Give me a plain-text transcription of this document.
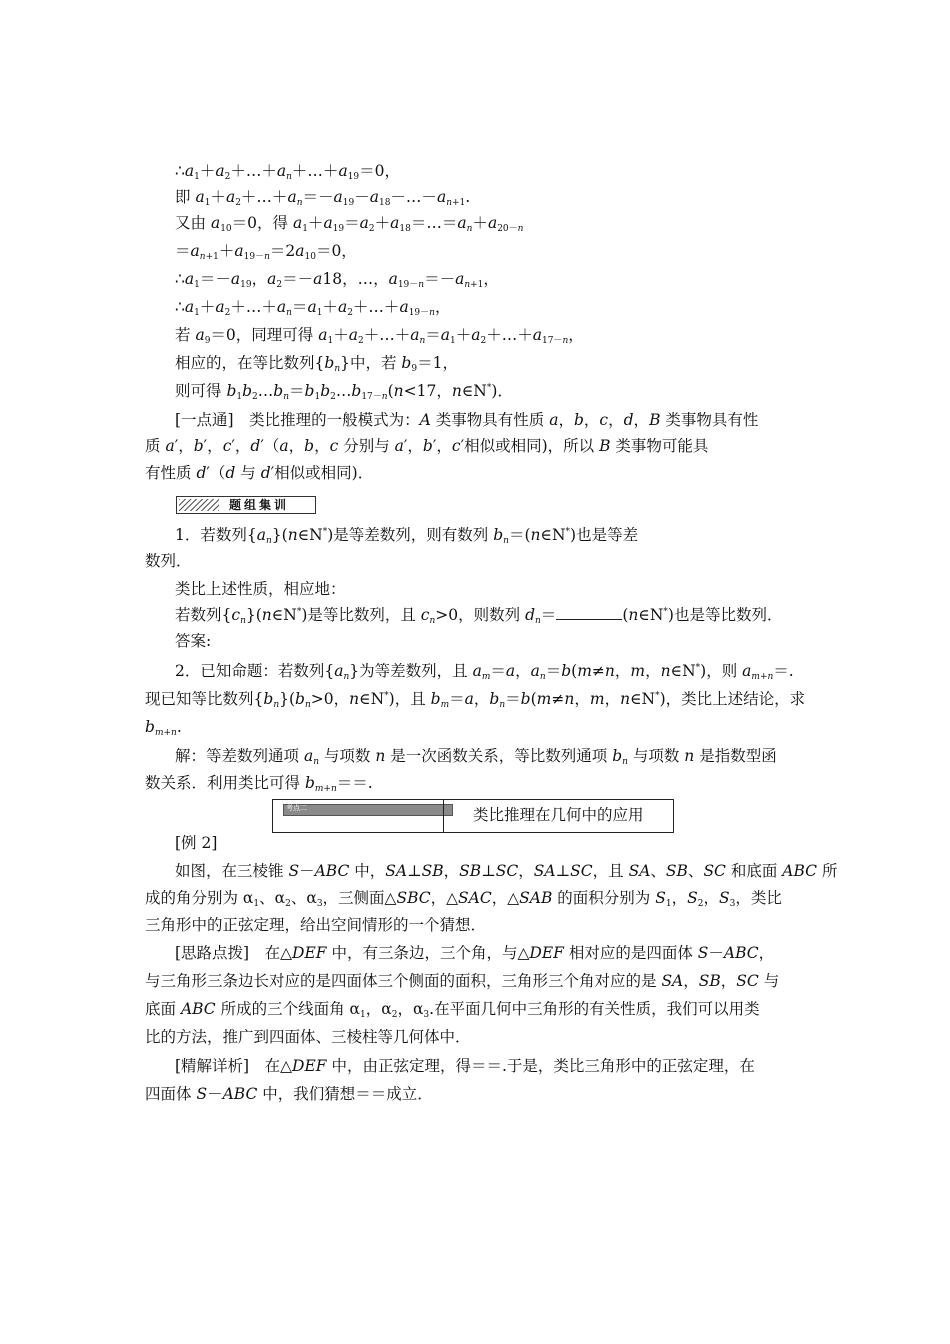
$\therefore a_1+a_2+\dots+a_n+\dots+a_{19}=0$，
即 $a_1+a_2+\dots+a_n=-a_{19}-a_{18}-\dots-a_{n+1}$.
又由 $a_{10}=0$，得 $a_1+a_{19}=a_2+a_{18}=\dots=a_n+a_{20-n}$
$=a_{n+1}+a_{19-n}=2a_{10}=0$，
$\therefore a_1=-a_{19}$，$a_2=-a18$，…，$a_{19-n}=-a_{n+1}$，
$\therefore a_1+a_2+\dots+a_n=a_1+a_2+\dots+a_{19-n}$，
若 $a_9=0$，同理可得 $a_1+a_2+\dots+a_n=a_1+a_2+\dots+a_{17-n}$，
相应的，在等比数列$\{b_n\}$中，若 $b_9=1$，
则可得 $b_1b_2\dots b_n=b_1b_2\dots b_{17-n}(n<17$，n∈N*)．
[一点通]　类比推理的一般模式为：A 类事物具有性质 a，b，c，d，B 类事物具有性
质 a′，b′，c′，d′（a，b，c 分别与 a′，b′，c′相似或相同)，所以 B 类事物可能具
有性质 d′（d 与 d′相似或相同)．
题组集训
1．若数列$\{a_n\}(n\in N^*)$是等差数列，则有数列 $b_n=(n\in N^*)$也是等差
数列．
类比上述性质，相应地：
若数列$\{c_n\}(n\in N^*)$是等比数列，且 $c_n>0$，则数列 $d_n=$	(n∈N*)也是等比数列．
答案:
2．已知命题：若数列$\{a_n\}$为等差数列，且 $a_m=a$，$a_n=b(m\ne n$，m，n∈N*)，则 $a_{m+n}=$.
现已知等比数列$\{b_n\}(b_n>0$，n∈N*)，且 $b_m=a$，$b_n=b(m\ne n$，m，n∈N*)，类比上述结论，求
$b_{m+n}$.
解：等差数列通项 $a_n$ 与项数 n 是一次函数关系，等比数列通项 $b_n$ 与项数 n 是指数型函
数关系．利用类比可得 $b_{m+n}==$.
考点二	类比推理在几何中的应用
[例 2]
如图，在三棱锥 S－ABC 中，SA⊥SB，SB⊥SC，SA⊥SC，且 SA、SB、SC 和底面 ABC 所
成的角分别为 $\alpha_1$、$\alpha_2$、$\alpha_3$，三侧面△SBC，△SAC，△SAB 的面积分别为 $S_1$，$S_2$，$S_3$，类比
三角形中的正弦定理，给出空间情形的一个猜想．
[思路点拨]　在△DEF 中，有三条边，三个角，与△DEF 相对应的是四面体 S－ABC，
与三角形三条边长对应的是四面体三个侧面的面积，三角形三个角对应的是 SA，SB，SC 与
底面 ABC 所成的三个线面角 $\alpha_1$，$\alpha_2$，$\alpha_3$.在平面几何中三角形的有关性质，我们可以用类
比的方法，推广到四面体、三棱柱等几何体中．
[精解详析]　在△DEF 中，由正弦定理，得＝＝.于是，类比三角形中的正弦定理，在
四面体 S－ABC 中，我们猜想＝＝成立．
